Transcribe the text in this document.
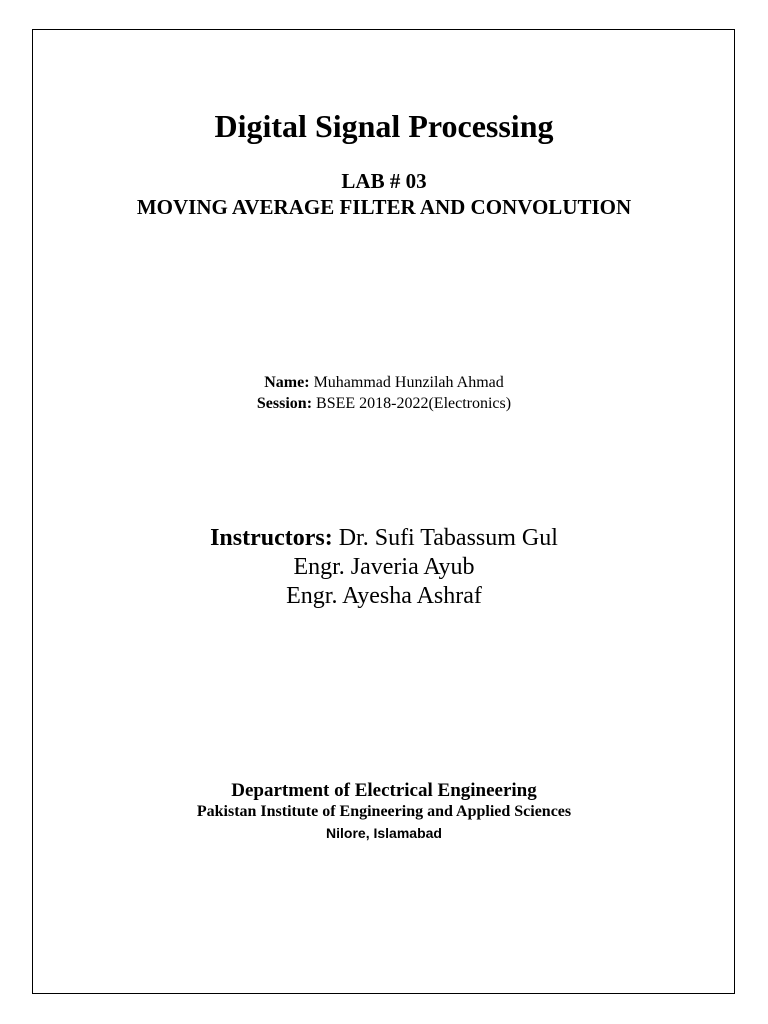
Digital Signal Processing
LAB # 03
MOVING AVERAGE FILTER AND CONVOLUTION
Name: Muhammad Hunzilah Ahmad
Session: BSEE 2018-2022(Electronics)
Instructors: Dr. Sufi Tabassum Gul
Engr. Javeria Ayub
Engr. Ayesha Ashraf
Department of Electrical Engineering
Pakistan Institute of Engineering and Applied Sciences
Nilore, Islamabad
